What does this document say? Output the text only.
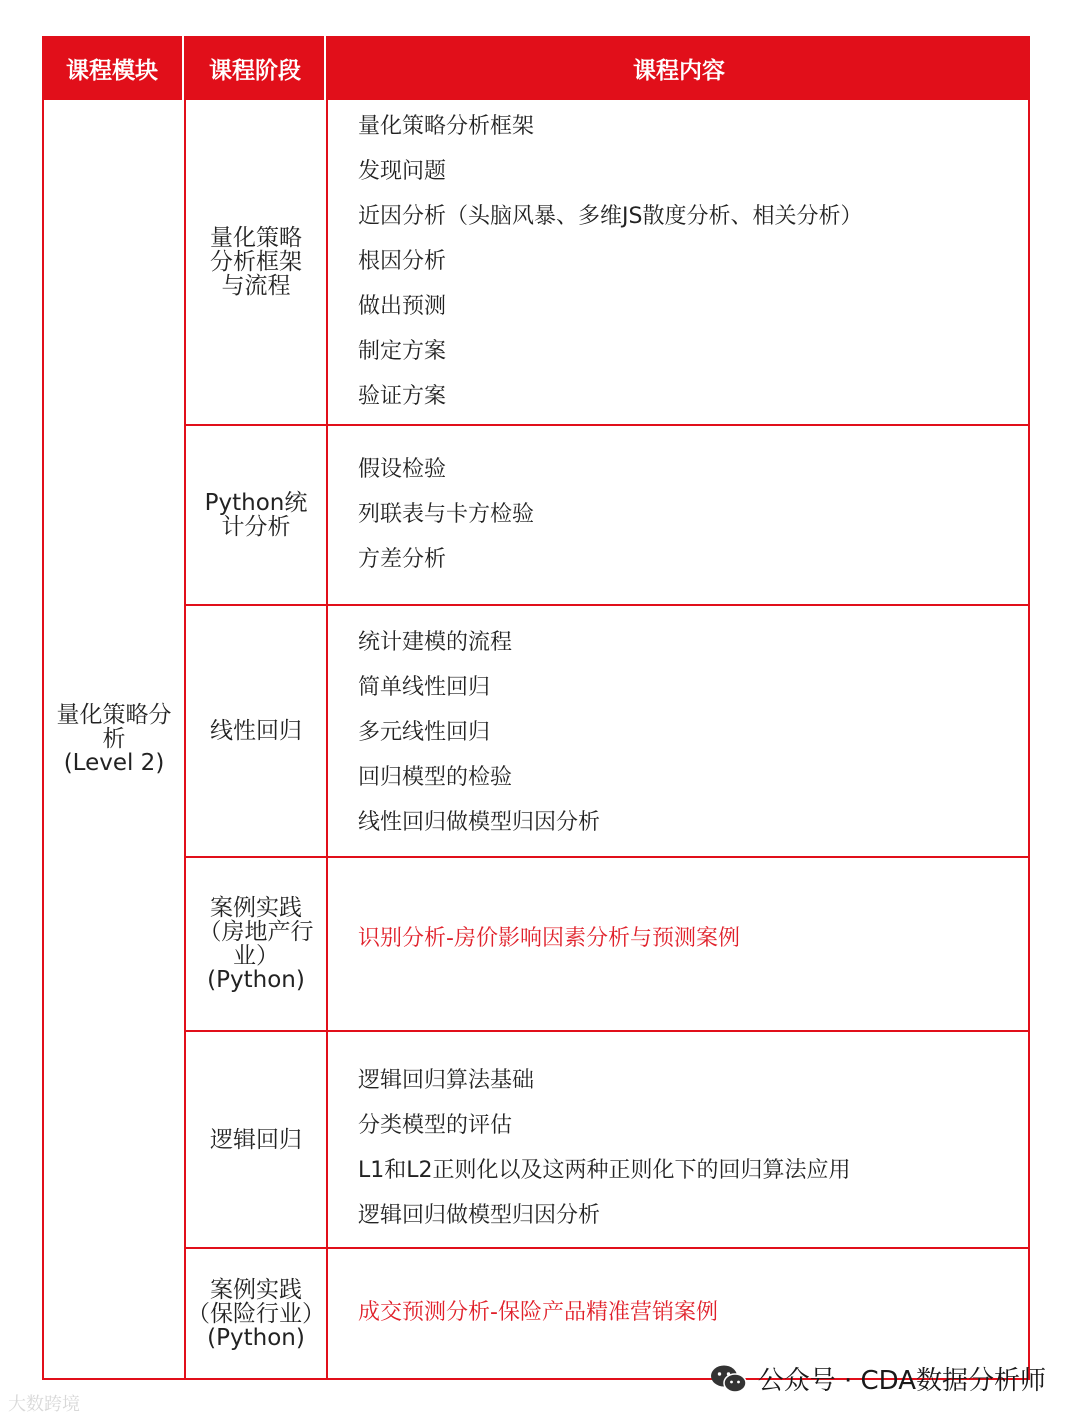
课程模块	课程阶段	课程内容
量化策略分
析
(Level 2)
量化策略
分析框架
与流程
Python统
计分析
线性回归
案例实践
（房地产行
业）
(Python)
逻辑回归
案例实践
（保险行业）
(Python)
量化策略分析框架
发现问题
近因分析（头脑风暴、多维JS散度分析、相关分析）
根因分析
做出预测
制定方案
验证方案
假设检验
列联表与卡方检验
方差分析
统计建模的流程
简单线性回归
多元线性回归
回归模型的检验
线性回归做模型归因分析
识别分析-房价影响因素分析与预测案例
逻辑回归算法基础
分类模型的评估
L1和L2正则化以及这两种正则化下的回归算法应用
逻辑回归做模型归因分析
成交预测分析-保险产品精准营销案例
大数跨境
公众号 · CDA数据分析师
